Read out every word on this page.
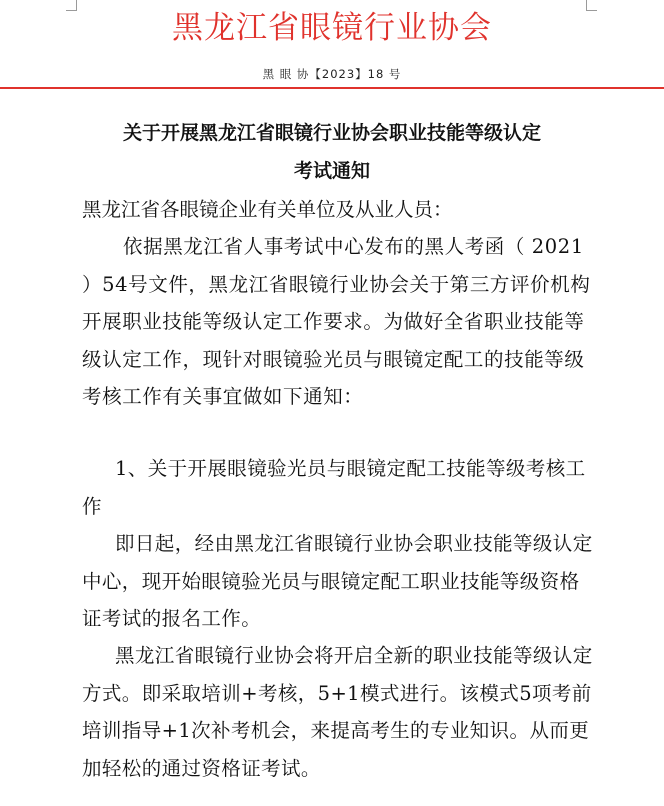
黑龙江省眼镜行业协会
黑 眼 协【2023】18 号
关于开展黑龙江省眼镜行业协会职业技能等级认定
考试通知
黑龙江省各眼镜企业有关单位及从业人员：
依据黑龙江省人事考试中心发布的黑人考函（ 2021 ）54号文件，黑龙江省眼镜行业协会关于第三方评价机构开展职业技能等级认定工作要求。为做好全省职业技能等级认定工作，现针对眼镜验光员与眼镜定配工的技能等级考核工作有关事宜做如下通知：
1、关于开展眼镜验光员与眼镜定配工技能等级考核工作
即日起，经由黑龙江省眼镜行业协会职业技能等级认定中心，现开始眼镜验光员与眼镜定配工职业技能等级资格证考试的报名工作。
黑龙江省眼镜行业协会将开启全新的职业技能等级认定方式。即采取培训+考核，5+1模式进行。该模式5项考前培训指导+1次补考机会，来提高考生的专业知识。从而更加轻松的通过资格证考试。
